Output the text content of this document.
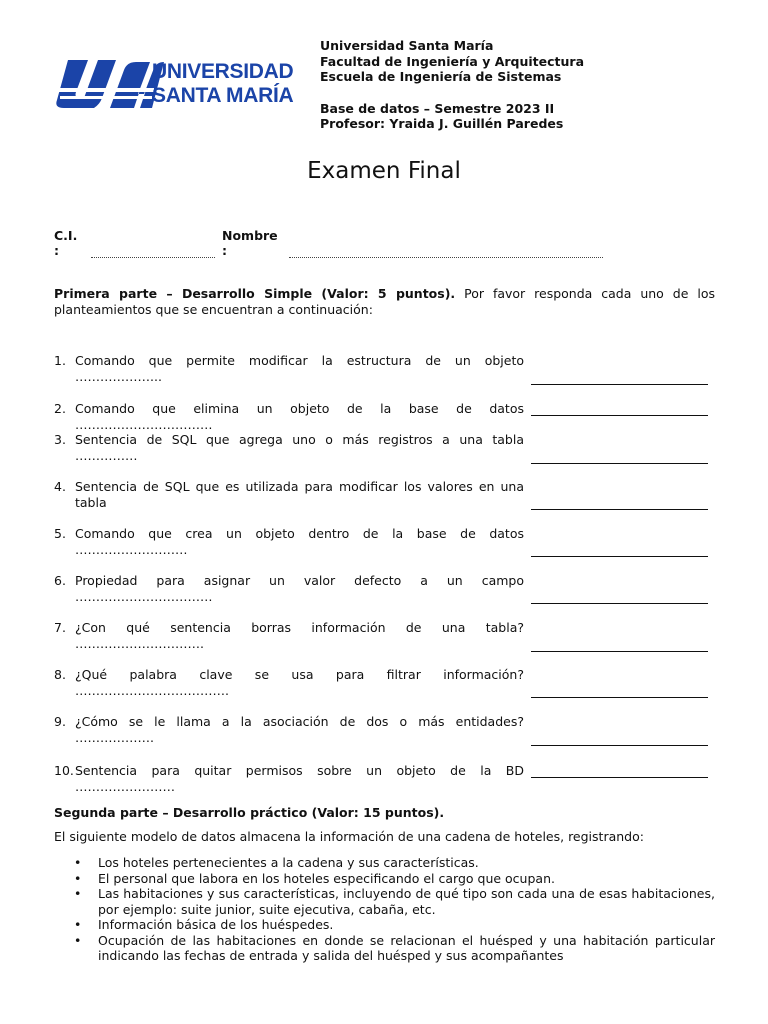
UNIVERSIDAD
SANTA MARÍA
Universidad Santa María
Facultad de Ingeniería y Arquitectura
Escuela de Ingeniería de Sistemas
Base de datos – Semestre 2023 II
Profesor: Yraida J. Guillén Paredes
Examen Final
C.I.
:
Nombre
:
Primera parte – Desarrollo Simple (Valor: 5 puntos). Por favor responda cada uno de los planteamientos que se encuentran a continuación:
1. Comando que permite modificar la estructura de un objeto
………………...
2. Comando que elimina un objeto de la base de datos ……………………………
3. Sentencia de SQL que agrega uno o más registros a una tabla
……………
4. Sentencia de SQL que es utilizada para modificar los valores en una
tabla
5. Comando que crea un objeto dentro de la base de datos
………………………
6. Propiedad para asignar un valor defecto a un campo
……………………………
7. ¿Con qué sentencia borras información de una tabla?
………………………….
8. ¿Qué palabra clave se usa para filtrar información?
……………………………….
9. ¿Cómo se le llama a la asociación de dos o más entidades?
……………….
10. Sentencia para quitar permisos sobre un objeto de la BD ……………………
Segunda parte – Desarrollo práctico (Valor: 15 puntos).
El siguiente modelo de datos almacena la información de una cadena de hoteles, registrando:
• Los hoteles pertenecientes a la cadena y sus características.
• El personal que labora en los hoteles especificando el cargo que ocupan.
• Las habitaciones y sus características, incluyendo de qué tipo son cada una de esas habitaciones, por ejemplo: suite junior, suite ejecutiva, cabaña, etc.
• Información básica de los huéspedes.
• Ocupación de las habitaciones en donde se relacionan el huésped y una habitación particular indicando las fechas de entrada y salida del huésped y sus acompañantes
